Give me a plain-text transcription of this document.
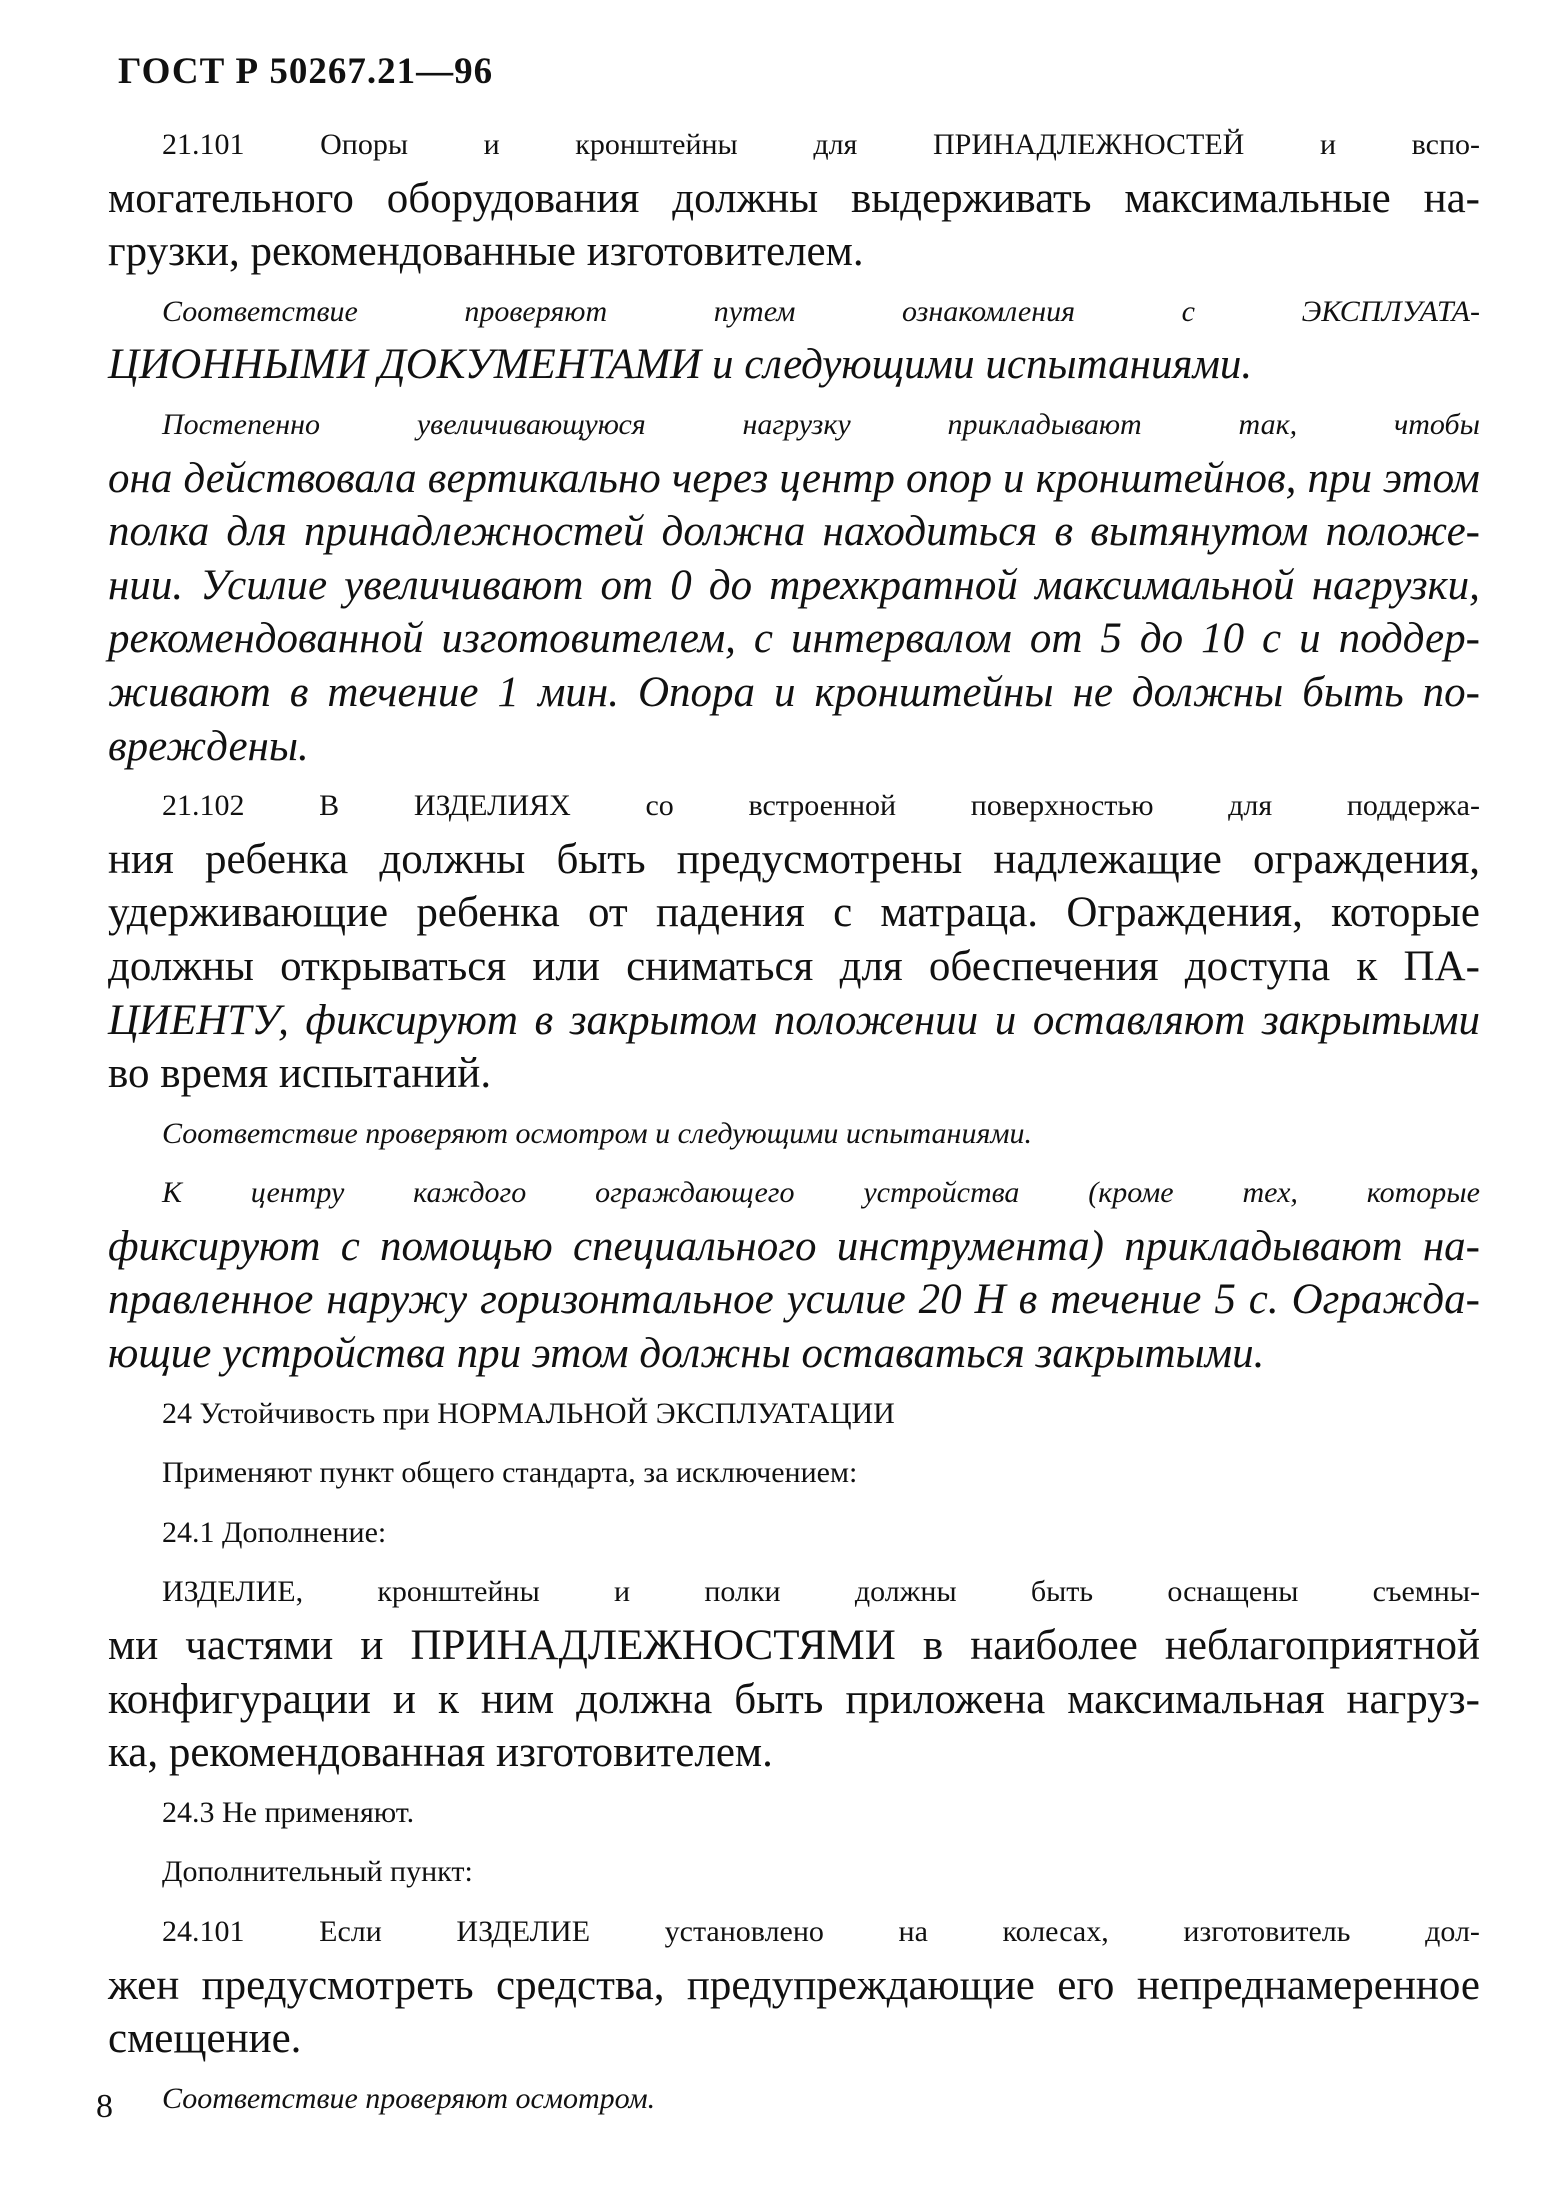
ГОСТ Р 50267.21—96
21.101	Опоры	и	кронштейны	для	ПРИНАДЛЕЖНОСТЕЙ	и	вспо-
могательного оборудования должны выдерживать максимальные на-
грузки, рекомендованные изготовителем.
Соответствие	проверяют	путем	ознакомления	с	ЭКСПЛУАТА-
ЦИОННЫМИ ДОКУМЕНТАМИ и следующими испытаниями.
Постепенно	увеличивающуюся	нагрузку	прикладывают	так,	чтобы
она действовала вертикально через центр опор и кронштейнов, при этом
полка для принадлежностей должна находиться в вытянутом положе-
нии. Усилие увеличивают от 0 до трехкратной максимальной нагрузки,
рекомендованной изготовителем, с интервалом от 5 до 10 с и поддер-
живают в течение 1 мин. Опора и кронштейны не должны быть по-
вреждены.
21.102 В ИЗДЕЛИЯХ со встроенной поверхностью для поддержа-
ния ребенка должны быть предусмотрены надлежащие ограждения,
удерживающие ребенка от падения с матраца. Ограждения, которые
должны открываться или сниматься для обеспечения доступа к ПА-
ЦИЕНТУ, фиксируют в закрытом положении и оставляют закрытыми
во время испытаний.
Соответствие проверяют осмотром и следующими испытаниями.
К центру каждого ограждающего устройства (кроме тех, которые
фиксируют с помощью специального инструмента) прикладывают на-
правленное наружу горизонтальное усилие 20 Н в течение 5 с. Огражда-
ющие устройства при этом должны оставаться закрытыми.
24 Устойчивость при НОРМАЛЬНОЙ ЭКСПЛУАТАЦИИ
Применяют пункт общего стандарта, за исключением:
24.1 Дополнение:
ИЗДЕЛИЕ, кронштейны и полки должны быть оснащены съемны-
ми частями и ПРИНАДЛЕЖНОСТЯМИ в наиболее неблагоприятной
конфигурации и к ним должна быть приложена максимальная нагруз-
ка, рекомендованная изготовителем.
24.3 Не применяют.
Дополнительный пункт:
24.101 Если ИЗДЕЛИЕ установлено на колесах, изготовитель дол-
жен предусмотреть средства, предупреждающие его непреднамеренное
смещение.
Соответствие проверяют осмотром.
8
